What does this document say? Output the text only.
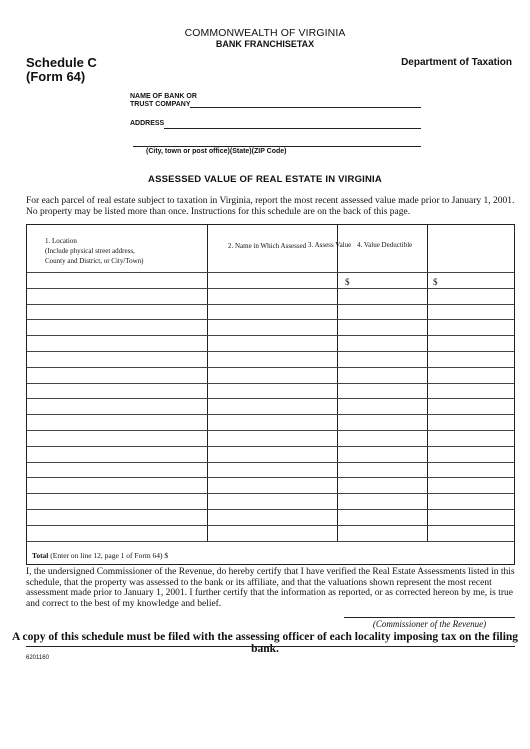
COMMONWEALTH OF VIRGINIA
BANK FRANCHISETAX
Schedule C
(Form 64)
Department of Taxation
NAME OF BANK OR
TRUST COMPANY
ADDRESS
(City, town or post office)(State)(ZIP Code)
ASSESSED VALUE OF REAL ESTATE IN VIRGINIA
For each parcel of real estate subject to taxation in Virginia, report the most recent assessed value made prior to January 1, 2001. No property may be listed more than once. Instructions for this schedule are on the back of this page.
1. Location
(Include physical street address,
County and District, or City/Town)
2. Name in Which Assessed 3. Assess Value 4. Value Deductible
$	$
Total (Enter on line 12, page 1 of Form 64) $
I, the undersigned Commissioner of the Revenue, do hereby certify that I have verified the Real Estate Assessments listed in this schedule, that the property was assessed to the bank or its affiliate, and that the valuations shown represent the most recent assessment made prior to January 1, 2001. I further certify that the information as reported, or as corrected hereon by me, is true and correct to the best of my knowledge and belief.
(Commissioner of the Revenue)
A copy of this schedule must be filed with the assessing officer of each locality imposing tax on the filing bank.
6201160
